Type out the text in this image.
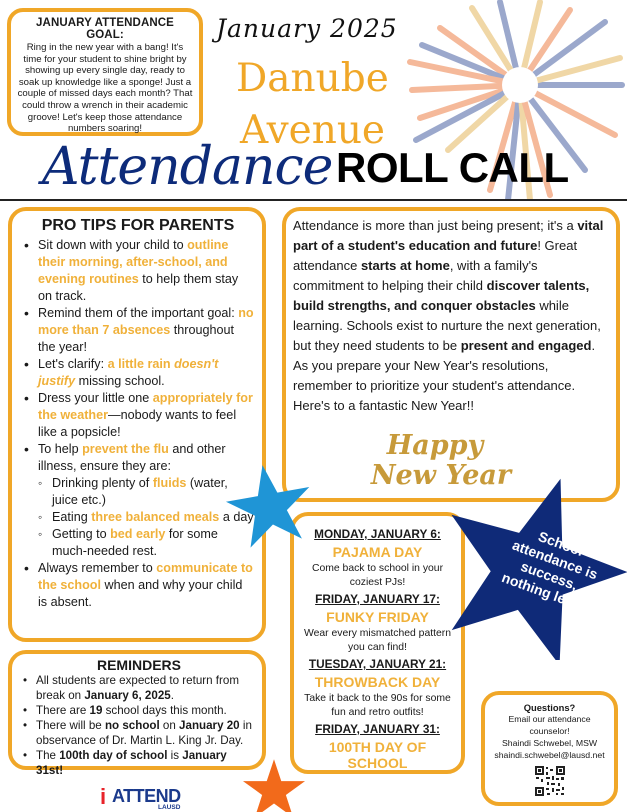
JANUARY ATTENDANCE GOAL:
Ring in the new year with a bang! It's time for your student to shine bright by showing up every single day, ready to soak up knowledge like a sponge! Just a couple of missed days each month? That could throw a wrench in their academic groove! Let's keep those attendance numbers soaring!
January 2025
Danube
Avenue
Attendance ROLL CALL
PRO TIPS FOR PARENTS
• Sit down with your child to outline their morning, after-school, and evening routines to help them stay on track.
• Remind them of the important goal: no more than 7 absences throughout the year!
• Let's clarify: a little rain doesn't justify missing school.
• Dress your little one appropriately for the weather—nobody wants to feel like a popsicle!
• To help prevent the flu and other illness, ensure they are:
◦ Drinking plenty of fluids (water, juice etc.)
◦ Eating three balanced meals a day
◦ Getting to bed early for some much-needed rest.
• Always remember to communicate to the school when and why your child is absent.
Attendance is more than just being present; it's a vital part of a student's education and future! Great attendance starts at home, with a family's commitment to helping their child discover talents, build strengths, and conquer obstacles while learning. Schools exist to nurture the next generation, but they need students to be present and engaged. As you prepare your New Year's resolutions, remember to prioritize your student's attendance. Here's to a fantastic New Year!!
Happy
New Year
MONDAY, JANUARY 6:
PAJAMA DAY
Come back to school in your coziest PJs!
FRIDAY, JANUARY 17:
FUNKY FRIDAY
Wear every mismatched pattern you can find!
TUESDAY, JANUARY 21:
THROWBACK DAY
Take it back to the 90s for some fun and retro outfits!
FRIDAY, JANUARY 31:
100TH DAY OF SCHOOL
REMINDERS
• All students are expected to return from break on January 6, 2025.
• There are 19 school days this month.
• There will be no school on January 20 in observance of Dr. Martin L. King Jr. Day.
• The 100th day of school is January 31st!
Questions?
Email our attendance
counselor!
Shaindi Schwebel, MSW
shaindi.schwebel@lausd.net
School attendance is success, nothing less!
i ATTEND
LAUSD
